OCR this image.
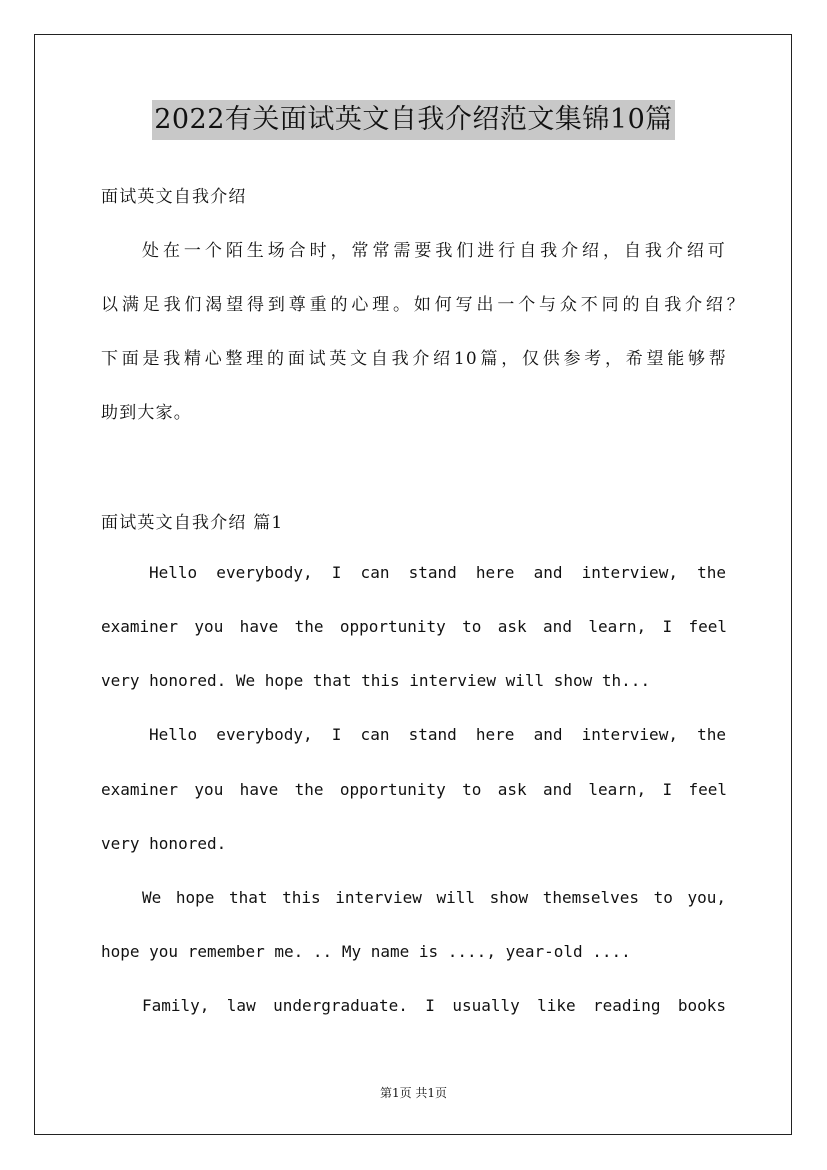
2022有关面试英文自我介绍范文集锦10篇
面试英文自我介绍
处在一个陌生场合时，常常需要我们进行自我介绍，自我介绍可
以满足我们渴望得到尊重的心理。如何写出一个与众不同的自我介绍？
下面是我精心整理的面试英文自我介绍10篇，仅供参考，希望能够帮
助到大家。
面试英文自我介绍 篇1
Hello everybody, I can stand here and interview, the
examiner you have the opportunity to ask and learn, I feel
very honored. We hope that this interview will show th...
Hello everybody, I can stand here and interview, the
examiner you have the opportunity to ask and learn, I feel
very honored.
We hope that this interview will show themselves to you,
hope you remember me. .. My name is ...., year-old ....
Family, law undergraduate. I usually like reading books
第1页 共1页
